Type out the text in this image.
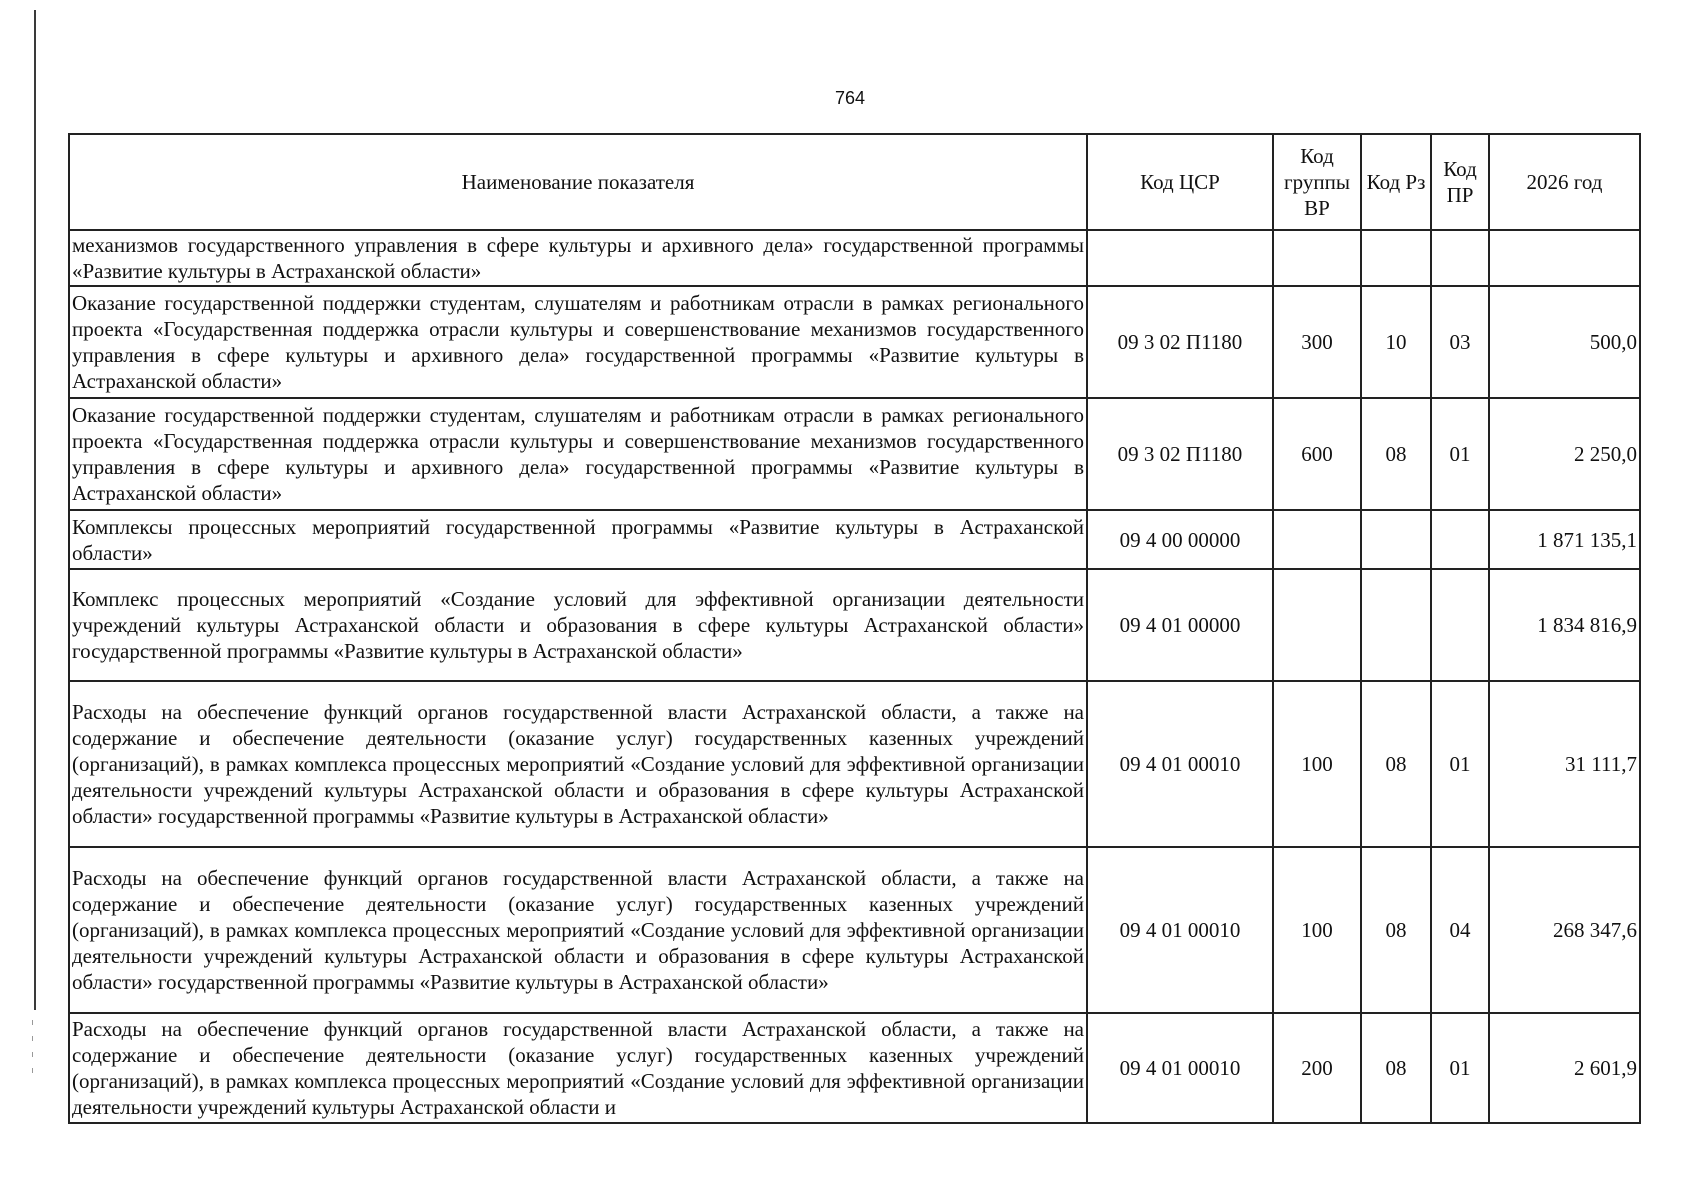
764
Наименование показателя	Код ЦСР	Код группы ВР	Код Рз	Код ПР	2026 год
механизмов государственного управления в сфере культуры и архивного дела» государственной программы «Развитие культуры в Астраханской области»					
Оказание государственной поддержки студентам, слушателям и работникам отрасли в рамках регионального проекта «Государственная поддержка отрасли культуры и совершенствование механизмов государственного управления в сфере культуры и архивного дела» государственной программы «Развитие культуры в Астраханской области»	09 3 02 П1180	300	10	03	500,0
Оказание государственной поддержки студентам, слушателям и работникам отрасли в рамках регионального проекта «Государственная поддержка отрасли культуры и совершенствование механизмов государственного управления в сфере культуры и архивного дела» государственной программы «Развитие культуры в Астраханской области»	09 3 02 П1180	600	08	01	2 250,0
Комплексы процессных мероприятий государственной программы «Развитие культуры в Астраханской области»	09 4 00 00000				1 871 135,1
Комплекс процессных мероприятий «Создание условий для эффективной организации деятельности учреждений культуры Астраханской области и образования в сфере культуры Астраханской области» государственной программы «Развитие культуры в Астраханской области»	09 4 01 00000				1 834 816,9
Расходы на обеспечение функций органов государственной власти Астраханской области, а также на содержание и обеспечение деятельности (оказание услуг) государственных казенных учреждений (организаций), в рамках комплекса процессных мероприятий «Создание условий для эффективной организации деятельности учреждений культуры Астраханской области и образования в сфере культуры Астраханской области» государственной программы «Развитие культуры в Астраханской области»	09 4 01 00010	100	08	01	31 111,7
Расходы на обеспечение функций органов государственной власти Астраханской области, а также на содержание и обеспечение деятельности (оказание услуг) государственных казенных учреждений (организаций), в рамках комплекса процессных мероприятий «Создание условий для эффективной организации деятельности учреждений культуры Астраханской области и образования в сфере культуры Астраханской области» государственной программы «Развитие культуры в Астраханской области»	09 4 01 00010	100	08	04	268 347,6
Расходы на обеспечение функций органов государственной власти Астраханской области, а также на содержание и обеспечение деятельности (оказание услуг) государственных казенных учреждений (организаций), в рамках комплекса процессных мероприятий «Создание условий для эффективной организации деятельности учреждений культуры Астраханской области и	09 4 01 00010	200	08	01	2 601,9
